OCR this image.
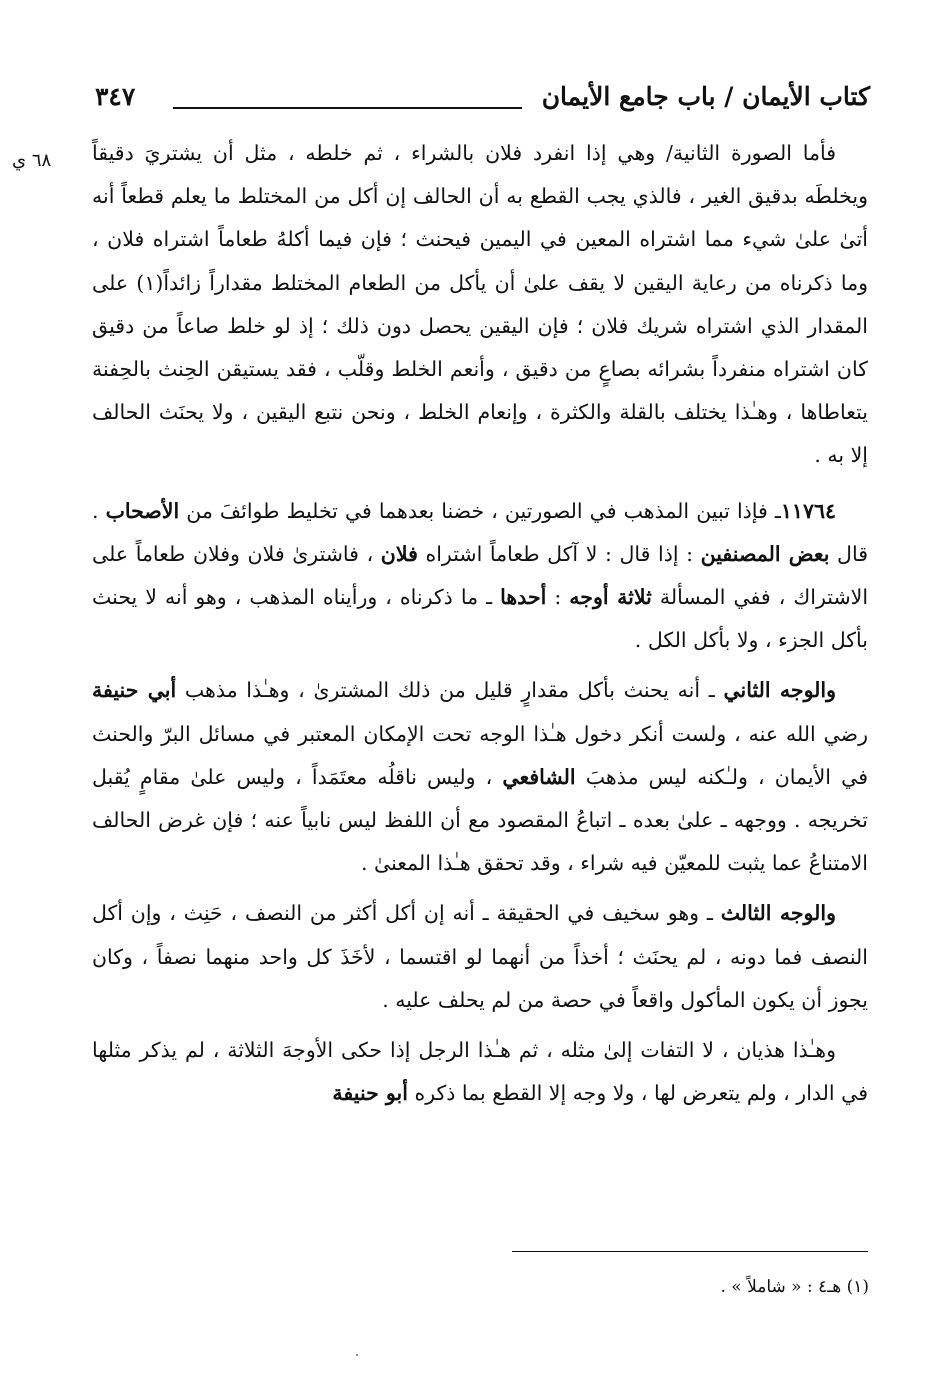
كتاب الأيمان / باب جامع الأيمان
٣٤٧
٦٨ ي فأما الصورة الثانية/ وهي إذا انفرد فلان بالشراء ، ثم خلطه ، مثل أن يشتريَ دقيقاً ويخلطَه بدقيق الغير ، فالذي يجب القطع به أن الحالف إن أكل من المختلط ما يعلم قطعاً أنه أتىٰ علىٰ شيء مما اشتراه المعين في اليمين فيحنث ؛ فإن فيما أكلهُ طعاماً اشتراه فلان ، وما ذكرناه من رعاية اليقين لا يقف علىٰ أن يأكل من الطعام المختلط مقداراً زائداً(١) على المقدار الذي اشتراه شريك فلان ؛ فإن اليقين يحصل دون ذلك ؛ إذ لو خلط صاعاً من دقيق كان اشتراه منفرداً بشرائه بصاعٍ من دقيق ، وأنعم الخلط وقلّب ، فقد يستيقن الحِنث بالحِفنة يتعاطاها ، وهـٰذا يختلف بالقلة والكثرة ، وإنعام الخلط ، ونحن نتبع اليقين ، ولا يحنَث الحالف إلا به .

١١٧٦٤ـ فإذا تبين المذهب في الصورتين ، خضنا بعدهما في تخليط طوائفَ من الأصحاب . قال بعض المصنفين : إذا قال : لا آكل طعاماً اشتراه فلان ، فاشترىٰ فلان وفلان طعاماً على الاشتراك ، ففي المسألة ثلاثة أوجه : أحدها ـ ما ذكرناه ، ورأيناه المذهب ، وهو أنه لا يحنث بأكل الجزء ، ولا بأكل الكل .

والوجه الثاني ـ أنه يحنث بأكل مقدارٍ قليل من ذلك المشترىٰ ، وهـٰذا مذهب أبي حنيفة رضي الله عنه ، ولست أنكر دخول هـٰذا الوجه تحت الإمكان المعتبر في مسائل البرّ والحنث في الأيمان ، ولـٰكنه ليس مذهبَ الشافعي ، وليس ناقلُه معتَمَداً ، وليس علىٰ مقامٍ يُقبل تخريجه . ووجهه ـ علىٰ بعده ـ اتباعُ المقصود مع أن اللفظ ليس نابياً عنه ؛ فإن غرض الحالف الامتناعُ عما يثبت للمعيّن فيه شراء ، وقد تحقق هـٰذا المعنىٰ .

والوجه الثالث ـ وهو سخيف في الحقيقة ـ أنه إن أكل أكثر من النصف ، حَنِث ، وإن أكل النصف فما دونه ، لم يحنَث ؛ أخذاً من أنهما لو اقتسما ، لأخَذَ كل واحد منهما نصفاً ، وكان يجوز أن يكون المأكول واقعاً في حصة من لم يحلف عليه .

وهـٰذا هذيان ، لا التفات إلىٰ مثله ، ثم هـٰذا الرجل إذا حكى الأوجهَ الثلاثة ، لم يذكر مثلها في الدار ، ولم يتعرض لها ، ولا وجه إلا القطع بما ذكره أبو حنيفة

(١) هـ٤ : « شاملاً » .
